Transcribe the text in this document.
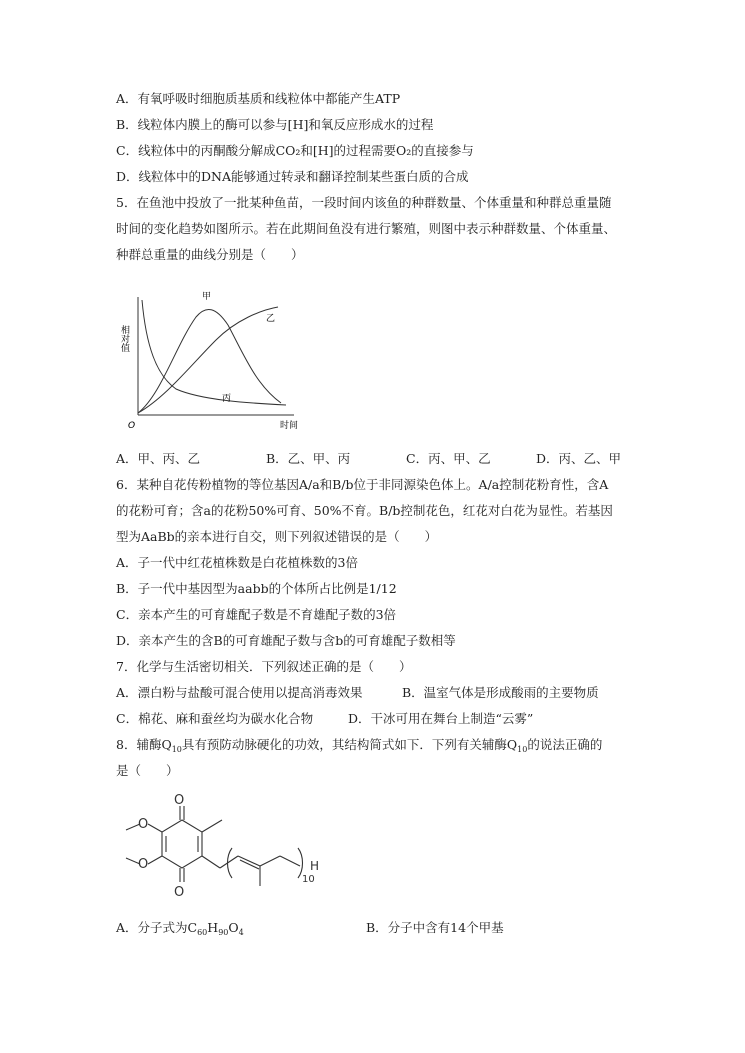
A．有氧呼吸时细胞质基质和线粒体中都能产生ATP
B．线粒体内膜上的酶可以参与[H]和氧反应形成水的过程
C．线粒体中的丙酮酸分解成CO₂和[H]的过程需要O₂的直接参与
D．线粒体中的DNA能够通过转录和翻译控制某些蛋白质的合成
5．在鱼池中投放了一批某种鱼苗，一段时间内该鱼的种群数量、个体重量和种群总重量随
时间的变化趋势如图所示。若在此期间鱼没有进行繁殖，则图中表示种群数量、个体重量、
种群总重量的曲线分别是（　　）
相对值
时间
O
甲
乙
丙
A．甲、丙、乙	B．乙、甲、丙	C．丙、甲、乙	D．丙、乙、甲
6．某种自花传粉植物的等位基因A/a和B/b位于非同源染色体上。A/a控制花粉育性，含A
的花粉可育；含a的花粉50%可育、50%不育。B/b控制花色，红花对白花为显性。若基因
型为AaBb的亲本进行自交，则下列叙述错误的是（　　）
A．子一代中红花植株数是白花植株数的3倍
B．子一代中基因型为aabb的个体所占比例是1/12
C．亲本产生的可育雄配子数是不育雄配子数的3倍
D．亲本产生的含B的可育雄配子数与含b的可育雄配子数相等
7．化学与生活密切相关．下列叙述正确的是（　　）
A．漂白粉与盐酸可混合使用以提高消毒效果	B．温室气体是形成酸雨的主要物质
C．棉花、麻和蚕丝均为碳水化合物	D．干冰可用在舞台上制造“云雾”
8．辅酶$Q_{10}$具有预防动脉硬化的功效，其结构简式如下．下列有关辅酶$Q_{10}$的说法正确的
是（　　）
O
O
O
O
10
H
A．分子式为$C_{60}H_{90}O_4$	B．分子中含有14个甲基
